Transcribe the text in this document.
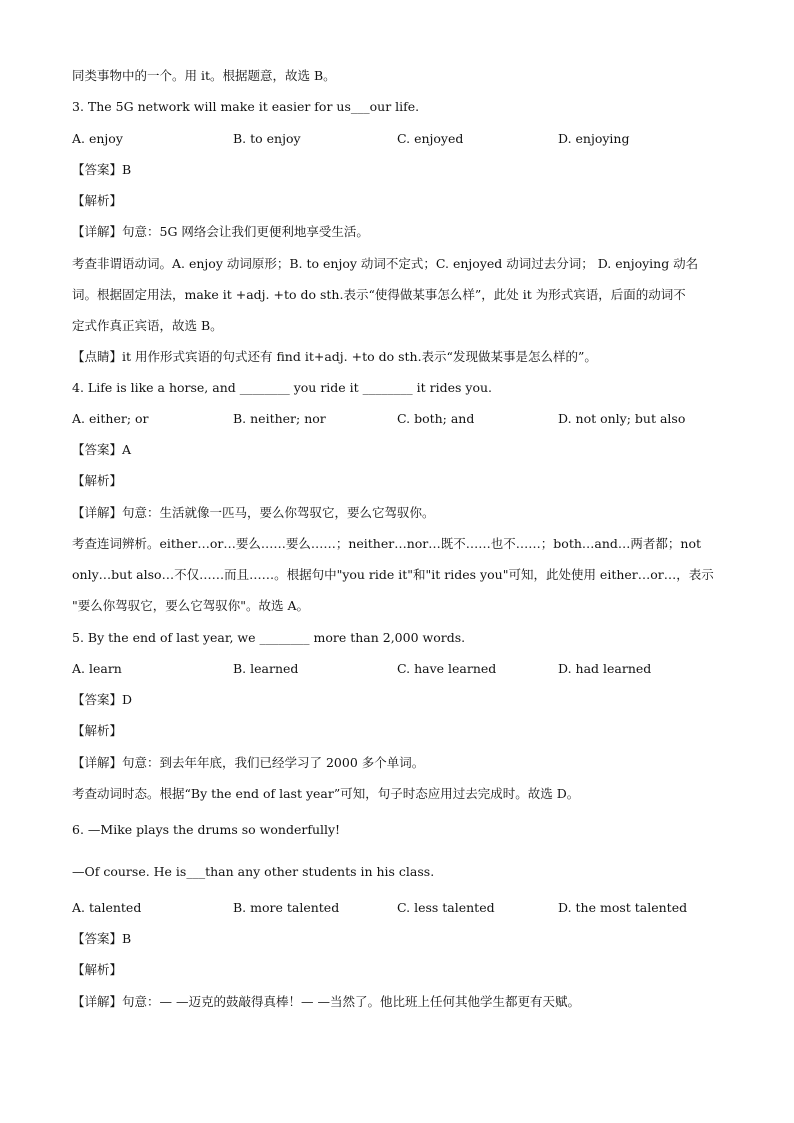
同类事物中的一个。用 it。根据题意，故选 B。
3. The 5G network will make it easier for us___our life.
A. enjoy	B. to enjoy	C. enjoyed	D. enjoying
【答案】B
【解析】
【详解】句意：5G 网络会让我们更便利地享受生活。
考查非谓语动词。A. enjoy 动词原形；B. to enjoy 动词不定式；C. enjoyed 动词过去分词； D. enjoying 动名
词。根据固定用法，make it +adj. +to do sth.表示“使得做某事怎么样”，此处 it 为形式宾语，后面的动词不
定式作真正宾语，故选 B。
【点睛】it 用作形式宾语的句式还有 find it+adj. +to do sth.表示“发现做某事是怎么样的”。
4. Life is like a horse, and ________ you ride it ________ it rides you.
A. either; or	B. neither; nor	C. both; and	D. not only; but also
【答案】A
【解析】
【详解】句意：生活就像一匹马，要么你驾驭它，要么它驾驭你。
考查连词辨析。either…or…要么……要么……；neither…nor…既不……也不……；both…and…两者都；not
only…but also…不仅……而且……。根据句中"you ride it"和"it rides you"可知，此处使用 either…or…，表示
"要么你驾驭它，要么它驾驭你"。故选 A。
5. By the end of last year, we ________ more than 2,000 words.
A. learn	B. learned	C. have learned	D. had learned
【答案】D
【解析】
【详解】句意：到去年年底，我们已经学习了 2000 多个单词。
考查动词时态。根据“By the end of last year”可知，句子时态应用过去完成时。故选 D。
6. —Mike plays the drums so wonderfully!
—Of course. He is___than any other students in his class.
A. talented	B. more talented	C. less talented	D. the most talented
【答案】B
【解析】
【详解】句意：— —迈克的鼓敲得真棒！— —当然了。他比班上任何其他学生都更有天赋。
